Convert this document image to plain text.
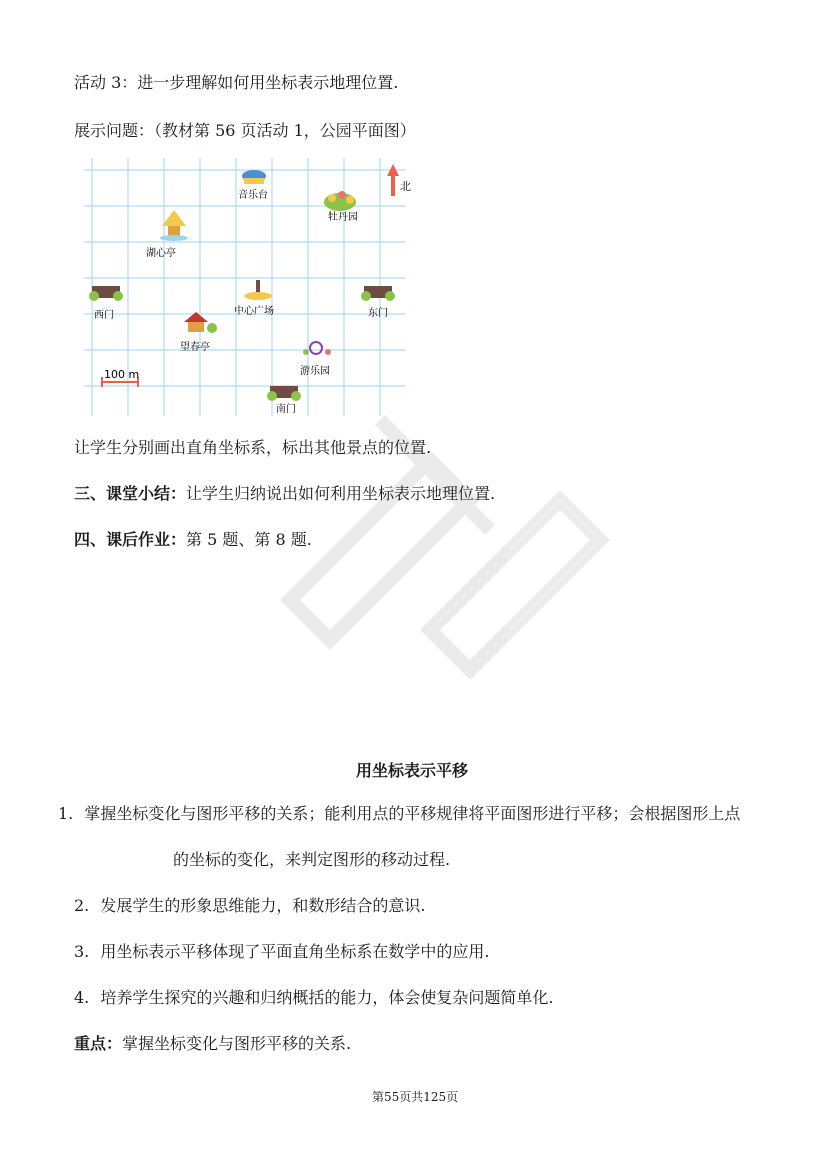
活动 3：进一步理解如何用坐标表示地理位置.
展示问题：（教材第 56 页活动 1，公园平面图）
北
音乐台
牡丹园
湖心亭
西门	中心广场	东门
望春亭
游乐园
南门
100 m
让学生分别画出直角坐标系，标出其他景点的位置.
三、课堂小结：让学生归纳说出如何利用坐标表示地理位置.
四、课后作业：第 5 题、第 8 题.
用坐标表示平移
1. 掌握坐标变化与图形平移的关系；能利用点的平移规律将平面图形进行平移；会根据图形上点
的坐标的变化，来判定图形的移动过程.
2. 发展学生的形象思维能力，和数形结合的意识.
3. 用坐标表示平移体现了平面直角坐标系在数学中的应用.
4. 培养学生探究的兴趣和归纳概括的能力，体会使复杂问题简单化.
重点：掌握坐标变化与图形平移的关系.
第55页共125页
